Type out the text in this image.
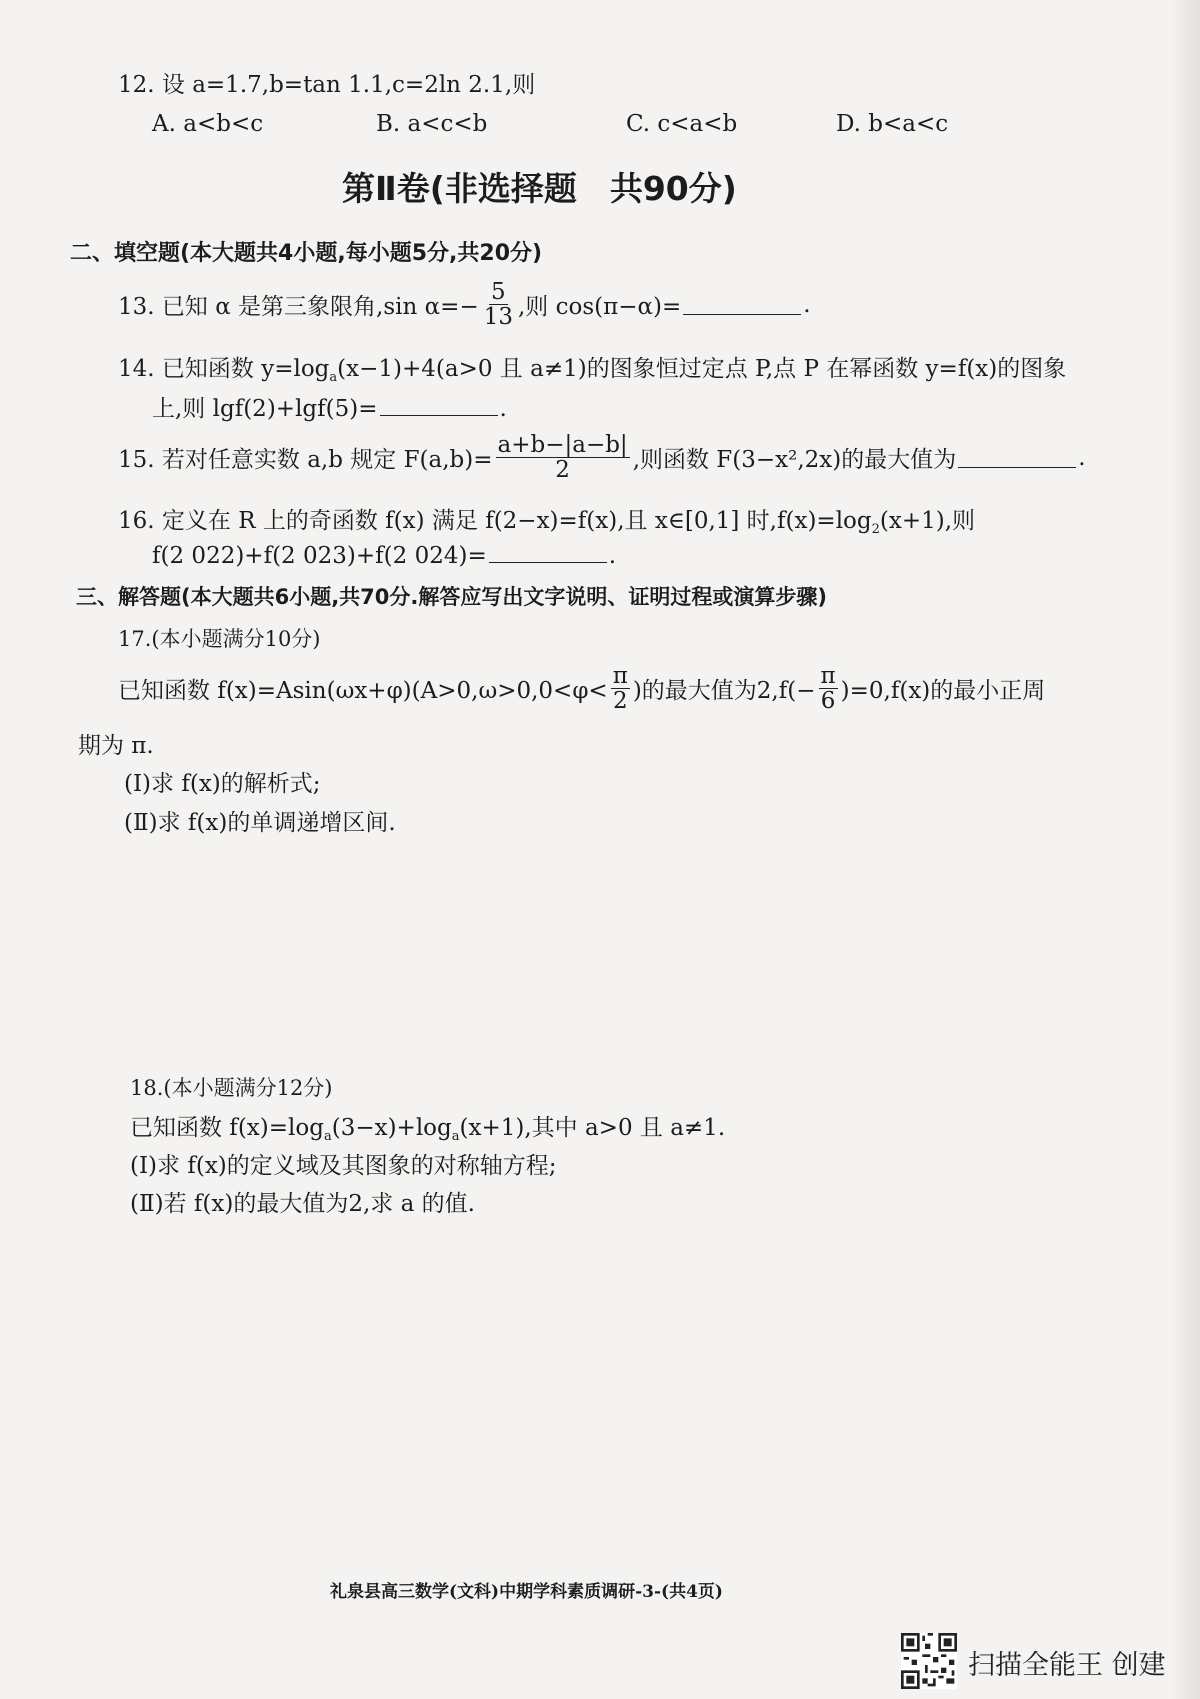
12. 设 a=1.7,b=tan 1.1,c=2ln 2.1,则
A. a<b<c	B. a<c<b	C. c<a<b	D. b<a<c
第Ⅱ卷(非选择题　共90分)
二、填空题(本大题共4小题,每小题5分,共20分)
13. 已知 α 是第三象限角,sin $\alpha=- \frac{5}{13}$ ,则 cos(π−α)=	.
14. 已知函数 $y=\log_a(x-1)+4(a>0$ 且 a≠1)的图象恒过定点 P,点 P 在幂函数 y=f(x)的图象
上,则 lgf(2)+lgf(5)=	.
15. 若对任意实数 a,b 规定 $F(a,b)= \frac{a+b-|a-b|}{2}$ ,则函数 F(3−x²,2x)的最大值为	.
16. 定义在 R 上的奇函数 f(x) 满足 f(2−x)=f(x),且 x∈[0,1] 时$,f(x)=\log_2(x+1)$,则
f(2 022)+f(2 023)+f(2 024)=	.
三、解答题(本大题共6小题,共70分.解答应写出文字说明、证明过程或演算步骤)
17.(本小题满分10分)
已知函数 $f(x)=Asin(\omega x+\varphi)(A>0,\omega>0,0<\varphi< \frac{\pi}{2}$ )的最大值为$2,f(- \frac{\pi}{6} )=0,f(x)$的最小正周
期为 π.
(Ⅰ)求 f(x)的解析式;
(Ⅱ)求 f(x)的单调递增区间.
18.(本小题满分12分)
已知函数 $f(x)=\log_a(3-x)+\log_a(x+1)$,其中 a>0 且 a≠1.
(Ⅰ)求 f(x)的定义域及其图象的对称轴方程;
(Ⅱ)若 f(x)的最大值为2,求 a 的值.
礼泉县高三数学(文科)中期学科素质调研-3-(共4页)
扫描全能王 创建
